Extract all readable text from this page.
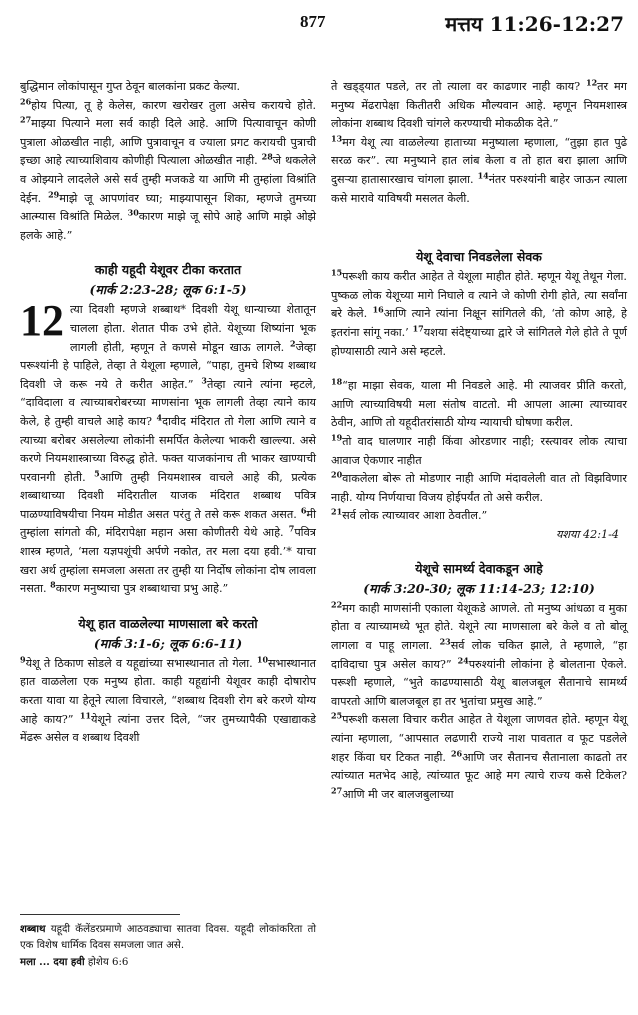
877	मत्तय 11:26-12:27

बुद्धिमान लोकांपासून गुप्त ठेवून बालकांना प्रकट केल्या.

$^{26}$होय पित्या, तू हे केलेस, कारण खरोखर तुला असेच करायचे होते. $^{27}$माझ्या पित्याने मला सर्व काही दिले आहे. आणि पित्यावाचून कोणी पुत्राला ओळखीत नाही, आणि पुत्रावाचून व ज्याला प्रगट करायची पुत्राची इच्छा आहे त्याच्याशिवाय कोणीही पित्याला ओळखीत नाही. $^{28}$जे थकलेले व ओझ्याने लादलेले असे सर्व तुम्ही मजकडे या आणि मी तुम्हांला विश्रांति देईन. $^{29}$माझे जू आपणांवर घ्या; माझ्यापासून शिका, म्हणजे तुमच्या आत्म्यास विश्रांति मिळेल. $^{30}$कारण माझे जू सोपे आहे आणि माझे ओझे हलके आहे.”

काही यहूदी येशूवर टीका करतात
(मार्क 2:23-28; लूक 6:1-5)

12 त्या दिवशी म्हणजे शब्बाथ* दिवशी येशू धान्याच्या शेतातून चालला होता. शेतात पीक उभे होते. येशूच्या शिष्यांना भूक लागली होती, म्हणून ते कणसे मोडून खाऊ लागले. $^2$जेव्हा परूश्यांनी हे पाहिले, तेव्हा ते येशूला म्हणाले, “पाहा, तुमचे शिष्य शब्बाथ दिवशी जे करू नये ते करीत आहेत.” $^3$तेव्हा त्याने त्यांना म्हटले, “दाविदाला व त्याच्याबरोबरच्या माणसांना भूक लागली तेव्हा त्याने काय केले, हे तुम्ही वाचले आहे काय? $^4$दावीद मंदिरात तो गेला आणि त्याने व त्याच्या बरोबर असलेल्या लोकांनी समर्पित केलेल्या भाकरी खाल्ल्या. असे करणे नियमशास्त्राच्या विरुद्ध होते. फक्त याजकांनाच ती भाकर खाण्याची परवानगी होती. $^5$आणि तुम्ही नियमशास्त्र वाचले आहे की, प्रत्येक शब्बाथाच्या दिवशी मंदिरातील याजक मंदिरात शब्बाथ पवित्र पाळण्याविषयीचा नियम मोडीत असत परंतु ते तसे करू शकत असत. $^6$मी तुम्हांला सांगतो की, मंदिरापेक्षा महान असा कोणीतरी येथे आहे. $^7$पवित्र शास्त्र म्हणते, ‘मला यज्ञपशूंची अर्पणे नकोत, तर मला दया हवी.’* याचा खरा अर्थ तुम्हांला समजला असता तर तुम्ही या निर्दोष लोकांना दोष लावला नसता. $^8$कारण मनुष्याचा पुत्र शब्बाथाचा प्रभु आहे.”

येशू हात वाळलेल्या माणसाला बरे करतो
(मार्क 3:1-6; लूक 6:6-11)

$^9$येशू ते ठिकाण सोडले व यहूद्यांच्या सभास्थानात तो गेला. $^{10}$सभास्थानात हात वाळलेला एक मनुष्य होता. काही यहूद्यांनी येशूवर काही दोषारोप करता यावा या हेतूने त्याला विचारले, “शब्बाथ दिवशी रोग बरे करणे योग्य आहे काय?” $^{11}$येशूने त्यांना उत्तर दिले, “जर तुमच्यापैकी एखाद्याकडे मेंढरू असेल व शब्बाथ दिवशी

ते खड्ड्यात पडले, तर तो त्याला वर काढणार नाही काय? $^{12}$तर मग मनुष्य मेंढरापेक्षा कितीतरी अधिक मौल्यवान आहे. म्हणून नियमशास्त्र लोकांना शब्बाथ दिवशी चांगले करण्याची मोकळीक देते.”

$^{13}$मग येशू त्या वाळलेल्या हाताच्या मनुष्याला म्हणाला, “तुझा हात पुढे सरळ कर”. त्या मनुष्याने हात लांब केला व तो हात बरा झाला आणि दुसऱ्या हातासारखाच चांगला झाला. $^{14}$नंतर परुश्यांनी बाहेर जाऊन त्याला कसे मारावे याविषयी मसलत केली.

येशू देवाचा निवडलेला सेवक

$^{15}$परूशी काय करीत आहेत ते येशूला माहीत होते. म्हणून येशू तेथून गेला. पुष्कळ लोक येशूच्या मागे निघाले व त्याने जे कोणी रोगी होते, त्या सर्वांना बरे केले. $^{16}$आणि त्याने त्यांना निक्षून सांगितले की, ‘तो कोण आहे, हे इतरांना सांगू नका.’ $^{17}$यशया संदेष्ट्याच्या द्वारे जे सांगितले गेले होते ते पूर्ण होण्यासाठी त्याने असे म्हटले.

$^{18}$“हा माझा सेवक, याला मी निवडले आहे. मी त्याजवर प्रीति करतो, आणि त्याच्याविषयी मला संतोष वाटतो. मी आपला आत्मा त्याच्यावर ठेवीन, आणि तो यहूदीतरांसाठी योग्य न्यायाची घोषणा करील.

$^{19}$तो वाद घालणार नाही किंवा ओरडणार नाही; रस्त्यावर लोक त्याचा आवाज ऐकणार नाहीत

$^{20}$वाकलेला बोरू तो मोडणार नाही आणि मंदावलेली वात तो विझविणार नाही. योग्य निर्णयाचा विजय होईपर्यंत तो असे करील.

$^{21}$सर्व लोक त्याच्यावर आशा ठेवतील.”

यशया 42:1-4
येशूचे सामर्थ्य देवाकडून आहे
(मार्क 3:20-30; लूक 11:14-23; 12:10)

$^{22}$मग काही माणसांनी एकाला येशूकडे आणले. तो मनुष्य आंधळा व मुका होता व त्याच्यामध्ये भूत होते. येशूने त्या माणसाला बरे केले व तो बोलू लागला व पाहू लागला. $^{23}$सर्व लोक चकित झाले, ते म्हणाले, “हा दाविदाचा पुत्र असेल काय?” $^{24}$परुश्यांनी लोकांना हे बोलताना ऐकले. परूशी म्हणाले, “भुते काढण्यासाठी येशू बालजबूल सैतानाचे सामर्थ्य वापरतो आणि बालजबूल हा तर भुतांचा प्रमुख आहे.”

$^{25}$परूशी कसला विचार करीत आहेत ते येशूला जाणवत होते. म्हणून येशू त्यांना म्हणाला, “आपसात लढणारी राज्ये नाश पावतात व फूट पडलेले शहर किंवा घर टिकत नाही. $^{26}$आणि जर सैतानच सैतानाला काढतो तर त्यांच्यात मतभेद आहे, त्यांच्यात फूट आहे मग त्याचे राज्य कसे टिकेल? $^{27}$आणि मी जर बालजबुलाच्या

शब्बाथ यहूदी कॅलेंडरप्रमाणे आठवड्याचा सातवा दिवस. यहूदी लोकांकरिता तो एक विशेष धार्मिक दिवस समजला जात असे.

मला ... दया हवी होशेय 6:6
